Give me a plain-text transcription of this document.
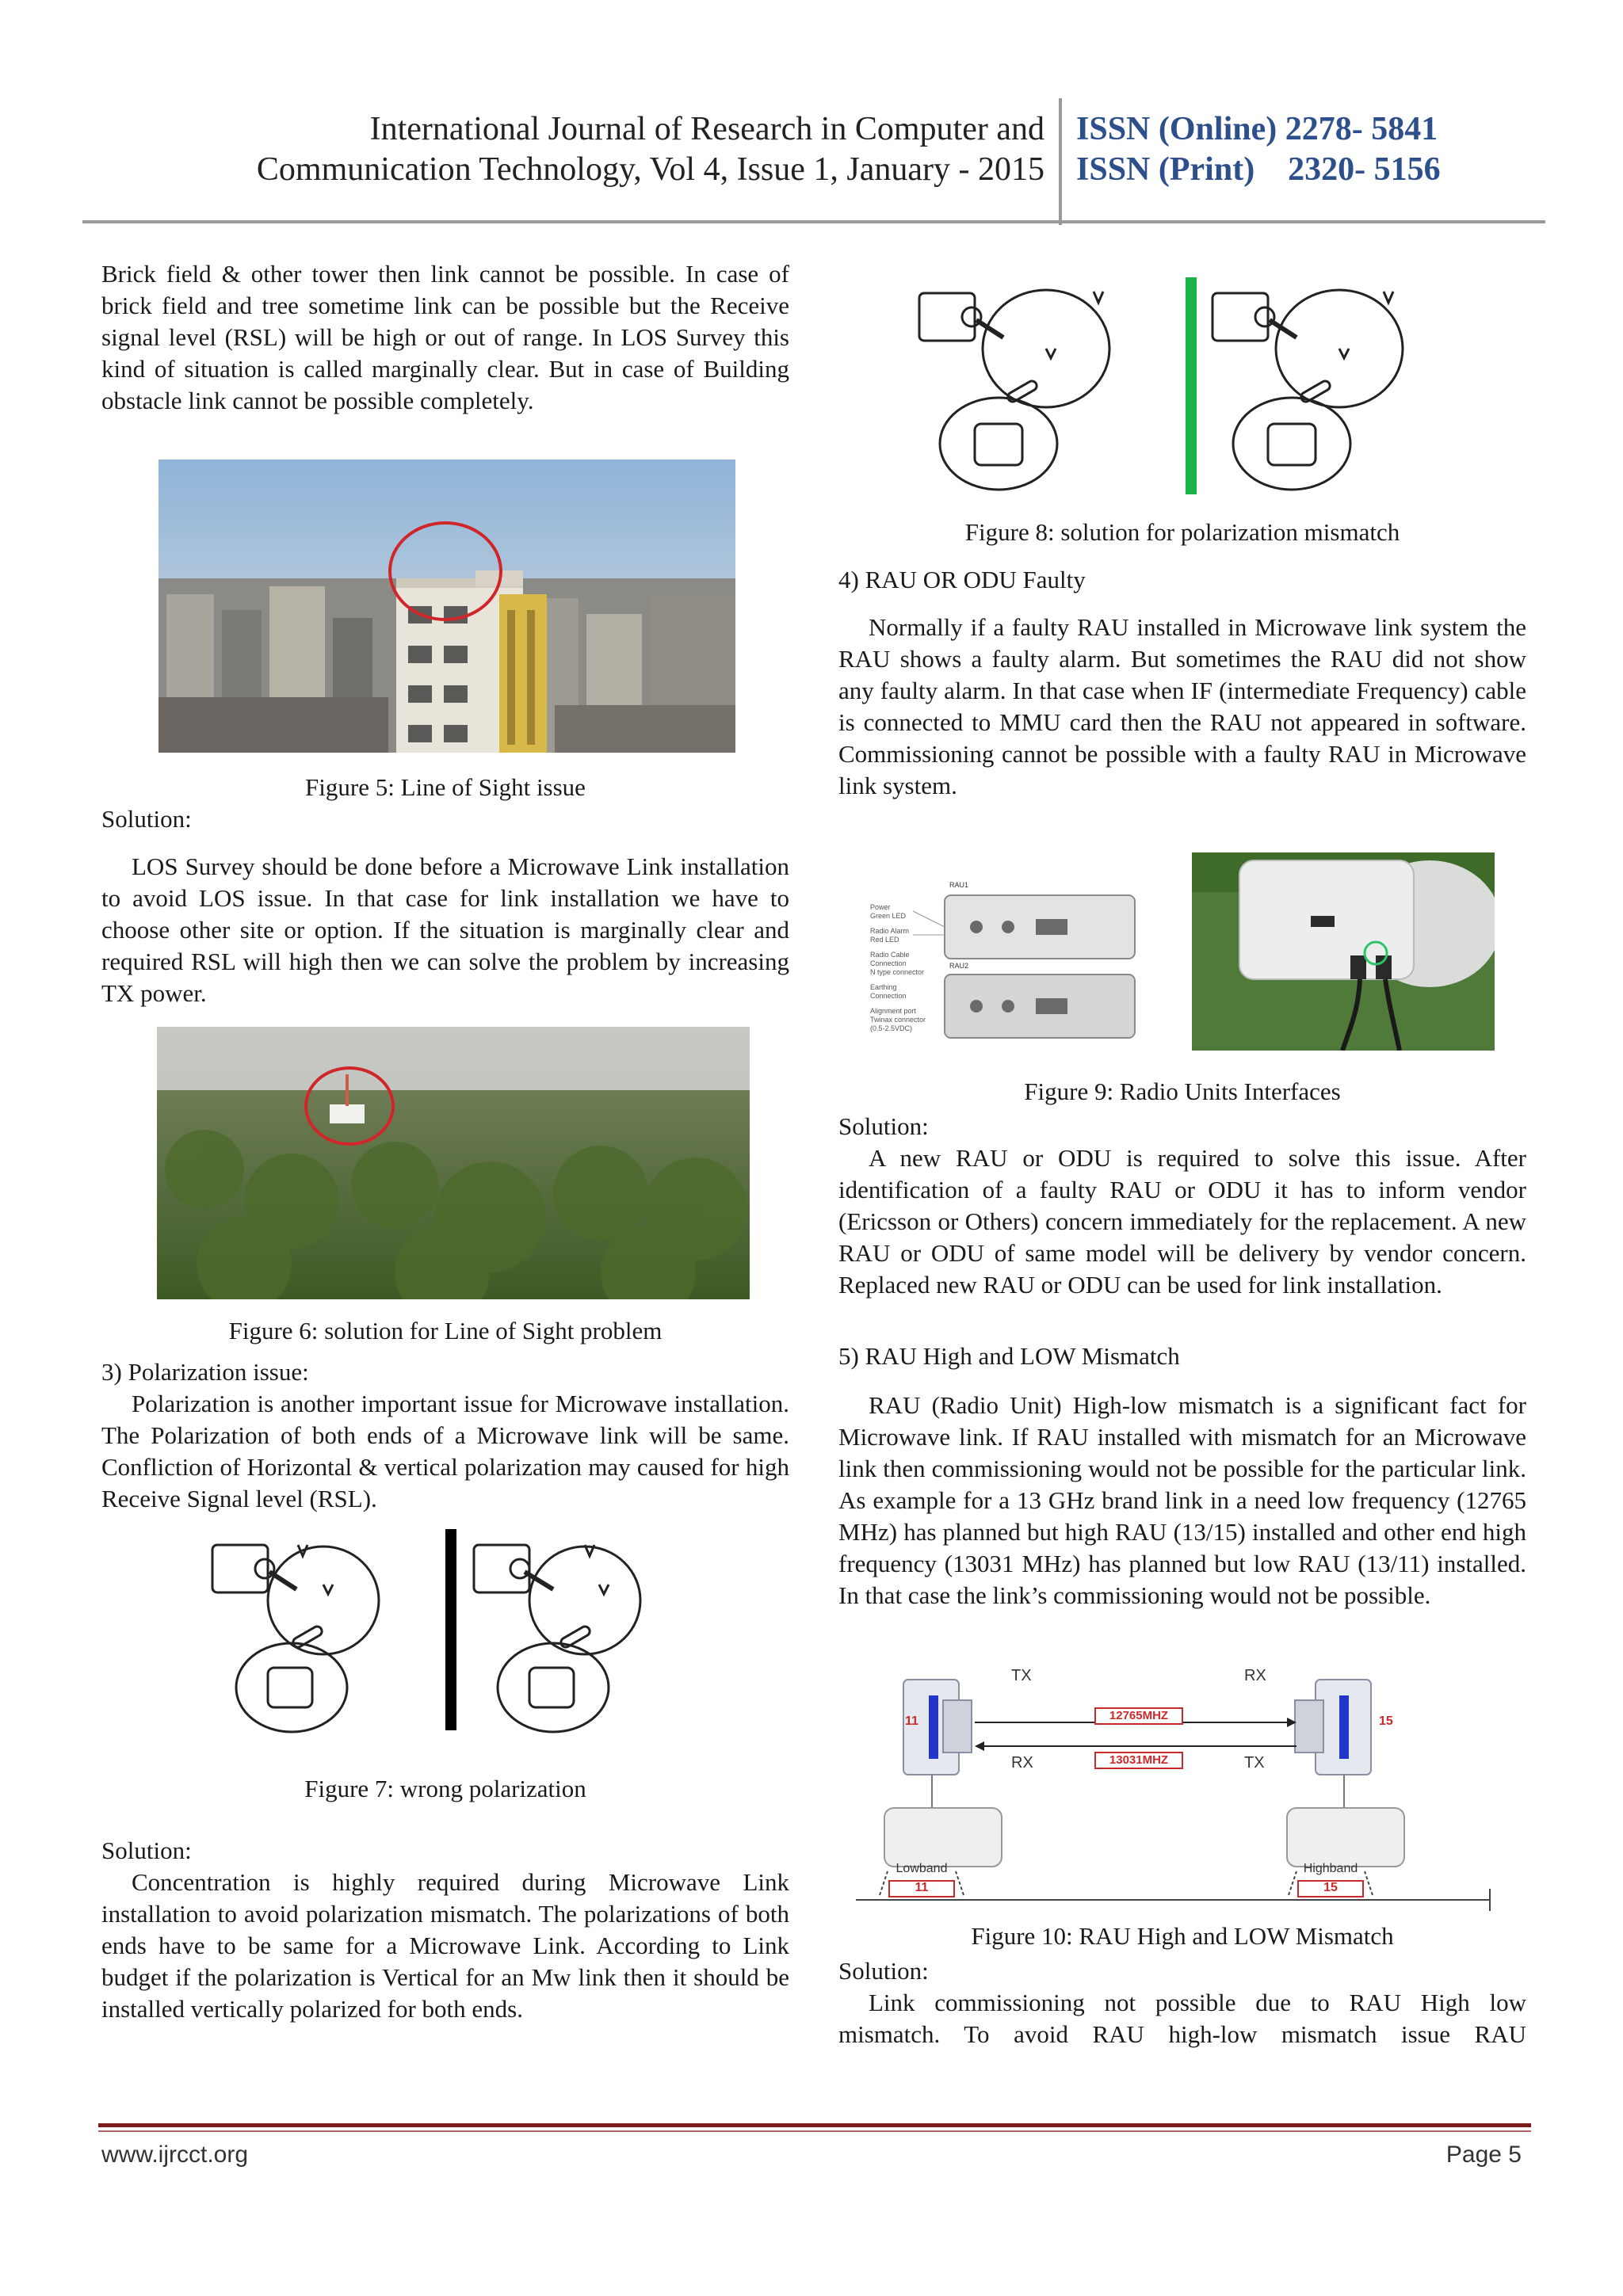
International Journal of Research in Computer and
Communication Technology, Vol 4, Issue 1, January - 2015
ISSN (Online) 2278- 5841
ISSN (Print)    2320- 5156

Brick field & other tower then link cannot be possible. In case of brick field and tree sometime link can be possible but the Receive signal level (RSL) will be high or out of range. In LOS Survey this kind of situation is called marginally clear. But in case of Building obstacle link cannot be possible completely.

Figure 5: Line of Sight issue
Solution:

LOS Survey should be done before a Microwave Link installation to avoid LOS issue. In that case for link installation we have to choose other site or option. If the situation is marginally clear and required RSL will high then we can solve the problem by increasing TX power.

Figure 6: solution for Line of Sight problem
3) Polarization issue:

Polarization is another important issue for Microwave installation. The Polarization of both ends of a Microwave link will be same. Confliction of Horizontal & vertical polarization may caused for high Receive Signal level (RSL).

Figure 7: wrong polarization
Solution:

Concentration is highly required during Microwave Link installation to avoid polarization mismatch. The polarizations of both ends have to be same for a Microwave Link. According to Link budget if the polarization is Vertical for an Mw link then it should be installed vertically polarized for both ends.

Figure 8: solution for polarization mismatch
4) RAU OR ODU Faulty

Normally if a faulty RAU installed in Microwave link system the RAU shows a faulty alarm. But sometimes the RAU did not show any faulty alarm. In that case when IF (intermediate Frequency) cable is connected to MMU card then the RAU not appeared in software. Commissioning cannot be possible with a faulty RAU in Microwave link system.

RAU1
RAU2
Power
Green LED
Radio Alarm
Red LED
Radio Cable
Connection
N type connector
Earthing
Connection
Alignment port
Twinax connector
(0.5-2.5VDC)
Figure 9: Radio Units Interfaces
Solution:

A new RAU or ODU is required to solve this issue. After identification of a faulty RAU or ODU it has to inform vendor (Ericsson or Others) concern immediately for the replacement. A new RAU or ODU of same model will be delivery by vendor concern. Replaced new RAU or ODU can be used for link installation.

5) RAU High and LOW Mismatch

RAU (Radio Unit) High-low mismatch is a significant fact for Microwave link. If RAU installed with mismatch for an Microwave link then commissioning would not be possible for the particular link. As example for a 13 GHz brand link in a need low frequency (12765 MHz) has planned but high RAU (13/15) installed and other end high frequency (13031 MHz) has planned but low RAU (13/11) installed. In that case the link’s commissioning would not be possible.

TX	RX
RX	TX
12765MHZ
13031MHZ
11	15
Lowband
11
Highband
15
Figure 10: RAU High and LOW Mismatch
Solution:

Link commissioning not possible due to RAU High low mismatch. To avoid RAU high-low mismatch issue RAU

www.ijrcct.org	Page 5
